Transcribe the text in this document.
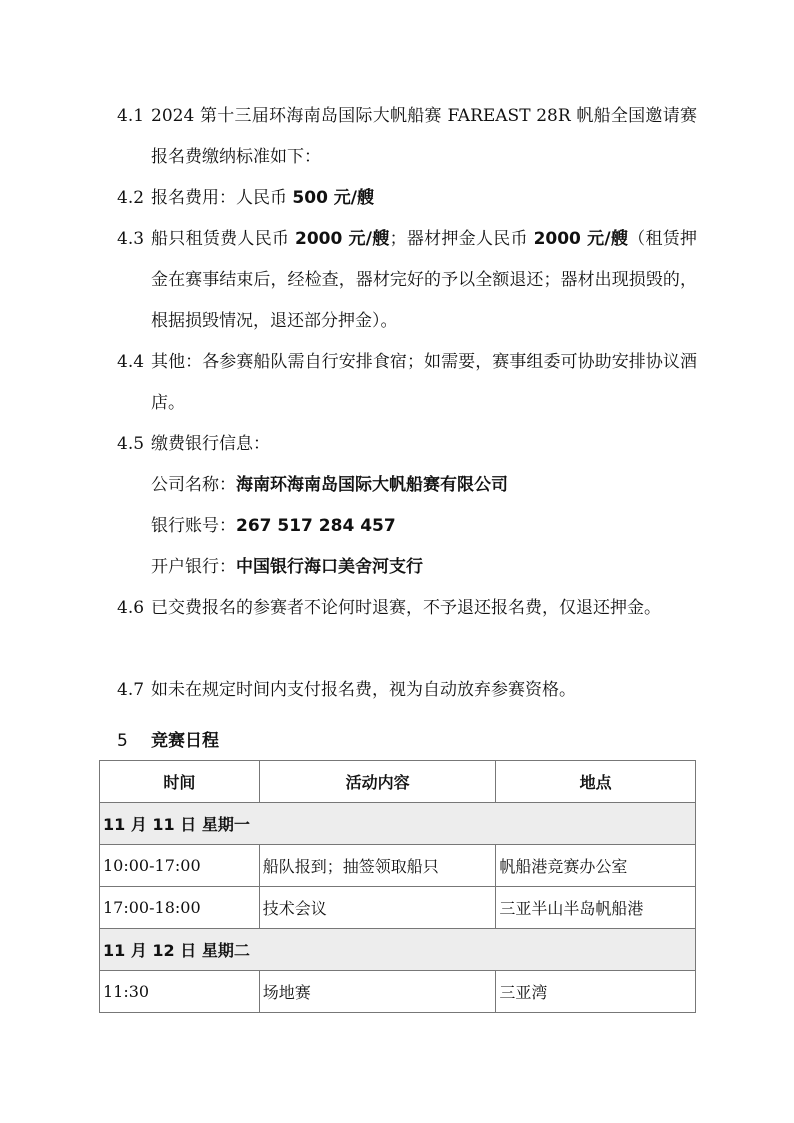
4.1 2024 第十三届环海南岛国际大帆船赛 FAREAST 28R 帆船全国邀请赛报名费缴纳标准如下：
4.2 报名费用：人民币 500 元/艘
4.3 船只租赁费人民币 2000 元/艘；器材押金人民币 2000 元/艘（租赁押金在赛事结束后，经检查，器材完好的予以全额退还；器材出现损毁的，根据损毁情况，退还部分押金）。
4.4 其他：各参赛船队需自行安排食宿；如需要，赛事组委可协助安排协议酒店。
4.5 缴费银行信息：
公司名称：海南环海南岛国际大帆船赛有限公司
银行账号：267 517 284 457
开户银行：中国银行海口美舍河支行
4.6 已交费报名的参赛者不论何时退赛，不予退还报名费，仅退还押金。
4.7 如未在规定时间内支付报名费，视为自动放弃参赛资格。
5 竞赛日程
时间	活动内容	地点
11 月 11 日 星期一		
10:00-17:00	船队报到；抽签领取船只	帆船港竞赛办公室
17:00-18:00	技术会议	三亚半山半岛帆船港
11 月 12 日 星期二		
11:30	场地赛	三亚湾
